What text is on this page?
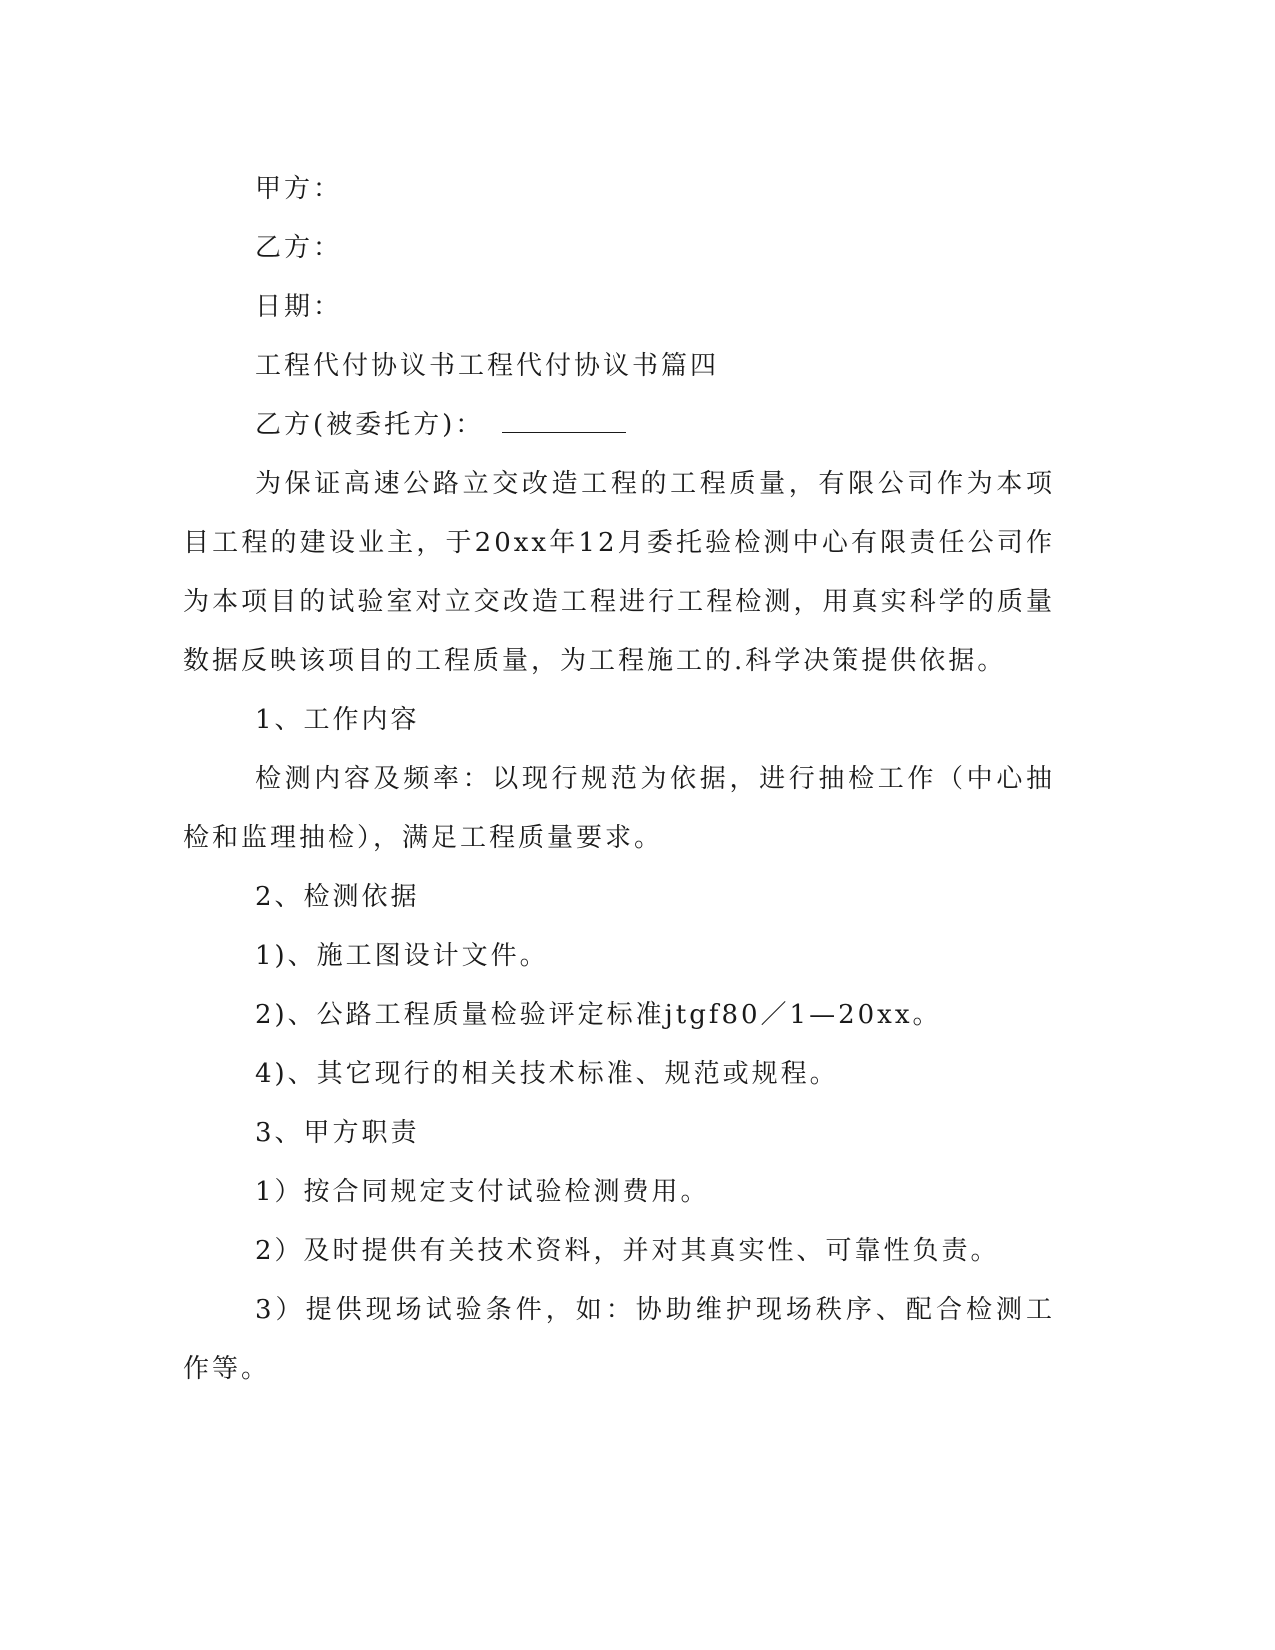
甲方：

乙方：

日期：

工程代付协议书工程代付协议书篇四

乙方(被委托方)：

为保证高速公路立交改造工程的工程质量，有限公司作为本项目工程的建设业主，于20xx年12月委托验检测中心有限责任公司作为本项目的试验室对立交改造工程进行工程检测，用真实科学的质量数据反映该项目的工程质量，为工程施工的.科学决策提供依据。

1、工作内容

检测内容及频率：以现行规范为依据，进行抽检工作（中心抽检和监理抽检），满足工程质量要求。

2、检测依据

1)、施工图设计文件。

2)、公路工程质量检验评定标准jtgf80／1—20xx。

4)、其它现行的相关技术标准、规范或规程。

3、甲方职责

1）按合同规定支付试验检测费用。

2）及时提供有关技术资料，并对其真实性、可靠性负责。

3）提供现场试验条件，如：协助维护现场秩序、配合检测工作等。
